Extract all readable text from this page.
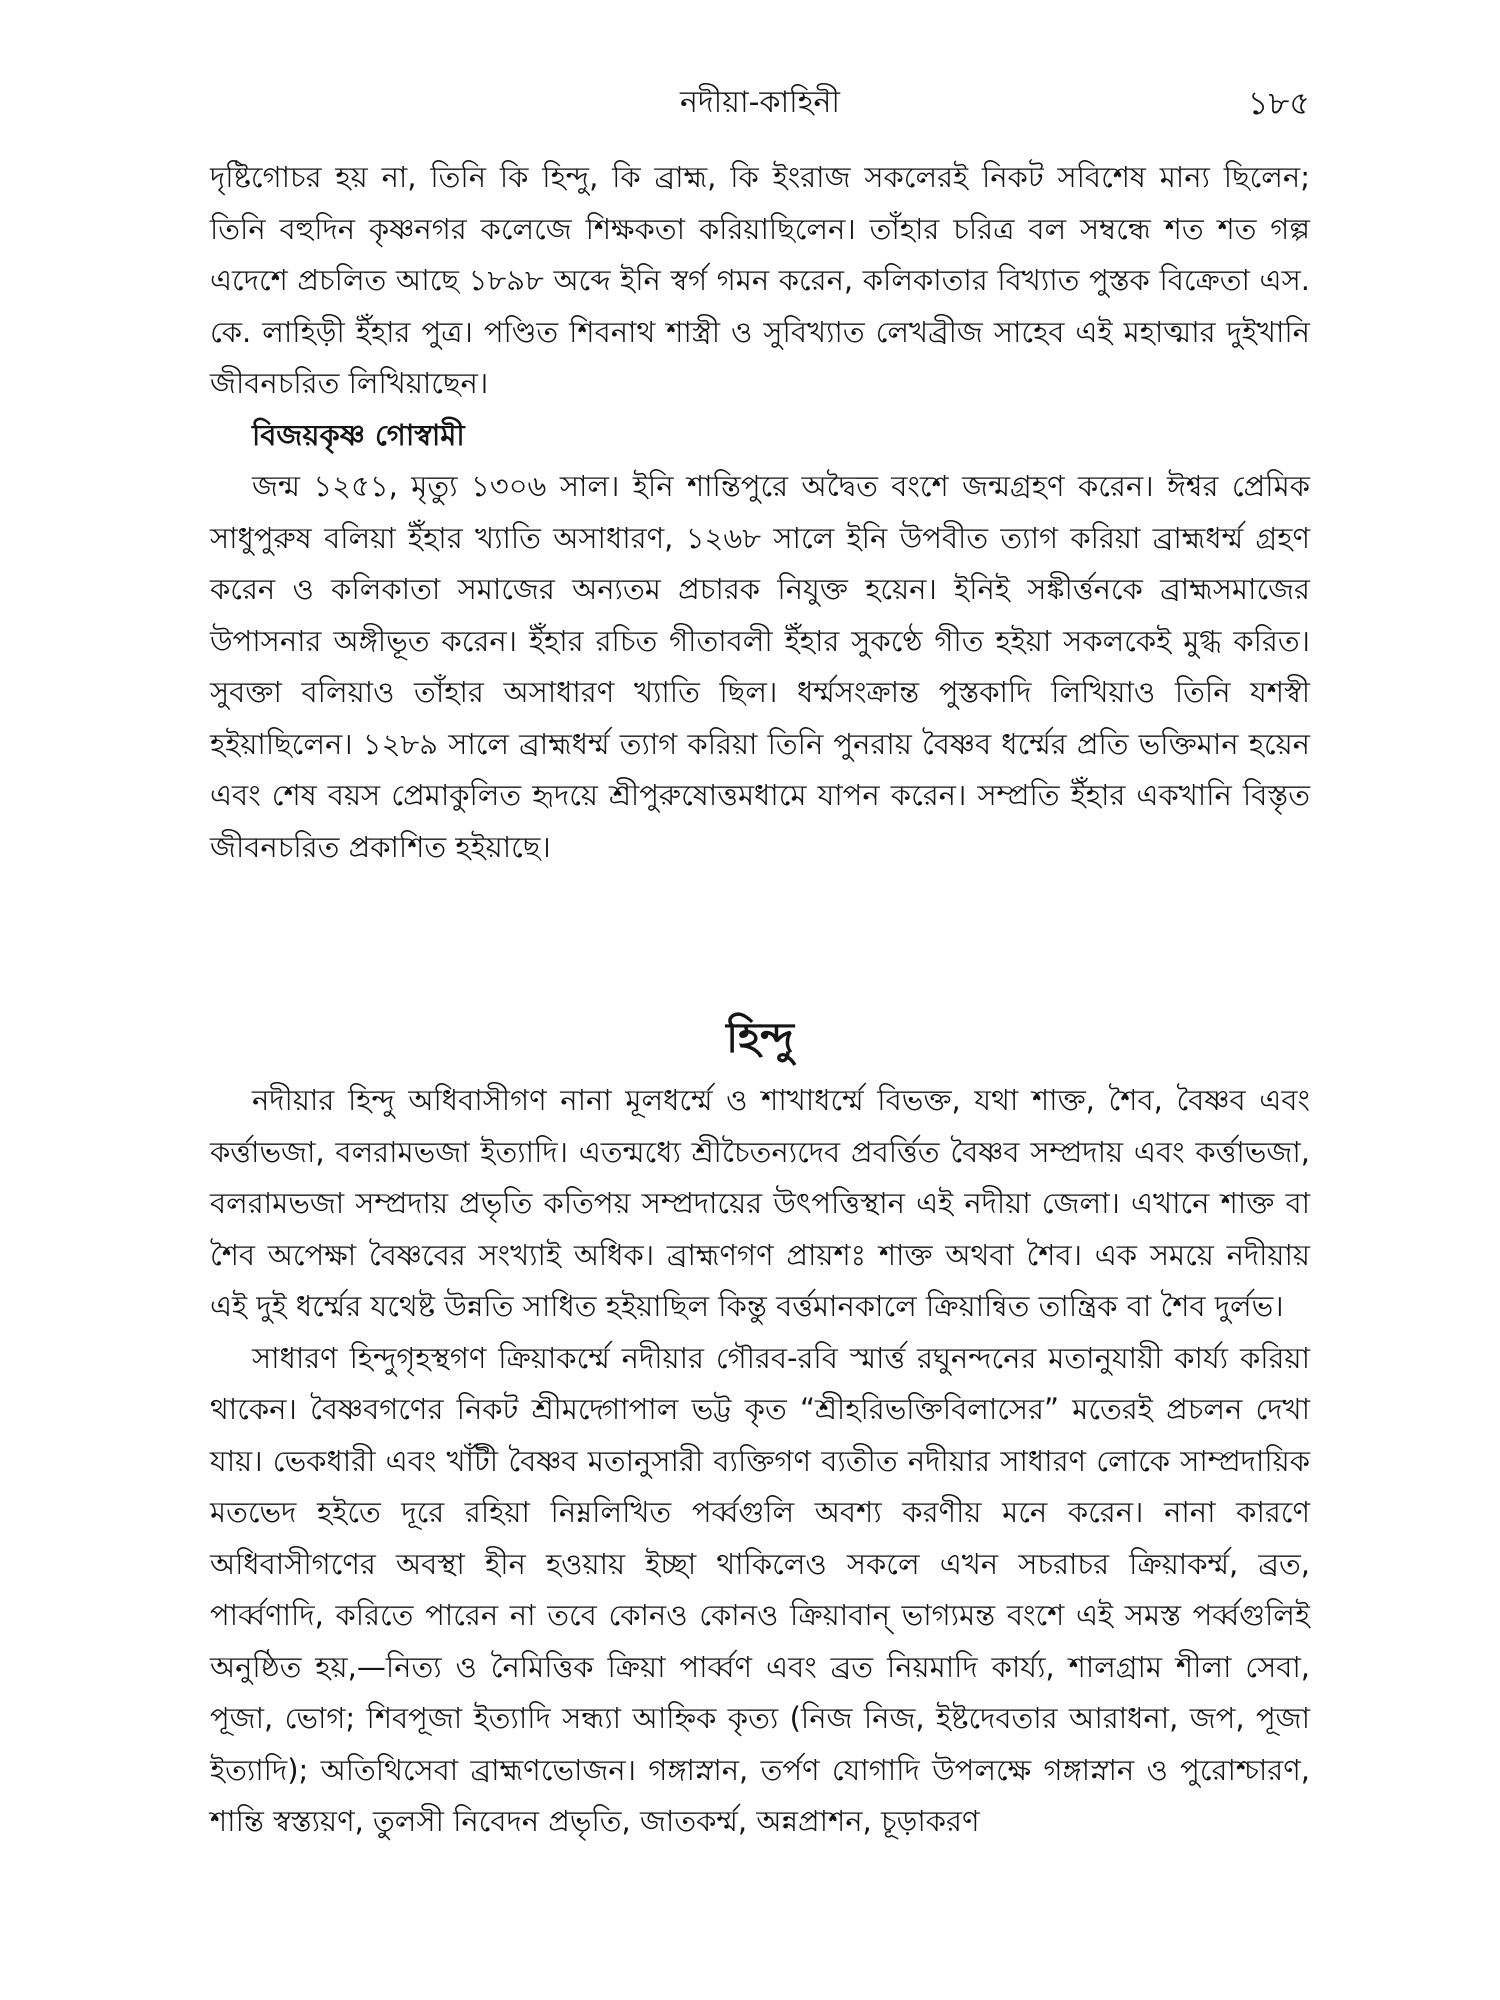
নদীয়া-কাহিনী	১৮৫

দৃষ্টিগোচর হয় না, তিনি কি হিন্দু, কি ব্রাহ্ম, কি ইংরাজ সকলেরই নিকট সবিশেষ মান্য ছিলেন; তিনি বহুদিন কৃষ্ণনগর কলেজে শিক্ষকতা করিয়াছিলেন। তাঁহার চরিত্র বল সম্বন্ধে শত শত গল্প এদেশে প্রচলিত আছে ১৮৯৮ অব্দে ইনি স্বর্গ গমন করেন, কলিকাতার বিখ্যাত পুস্তক বিক্রেতা এস. কে. লাহিড়ী ইঁহার পুত্র। পণ্ডিত শিবনাথ শাস্ত্রী ও সুবিখ্যাত লেখব্রীজ সাহেব এই মহাত্মার দুইখানি জীবনচরিত লিখিয়াছেন।

বিজয়কৃষ্ণ গোস্বামী

জন্ম ১২৫১, মৃত্যু ১৩০৬ সাল। ইনি শান্তিপুরে অদ্বৈত বংশে জন্মগ্রহণ করেন। ঈশ্বর প্রেমিক সাধুপুরুষ বলিয়া ইঁহার খ্যাতি অসাধারণ, ১২৬৮ সালে ইনি উপবীত ত্যাগ করিয়া ব্রাহ্মধর্ম্ম গ্রহণ করেন ও কলিকাতা সমাজের অন্যতম প্রচারক নিযুক্ত হয়েন। ইনিই সঙ্কীর্ত্তনকে ব্রাহ্মসমাজের উপাসনার অঙ্গীভূত করেন। ইঁহার রচিত গীতাবলী ইঁহার সুকণ্ঠে গীত হইয়া সকলকেই মুগ্ধ করিত। সুবক্তা বলিয়াও তাঁহার অসাধারণ খ্যাতি ছিল। ধর্ম্মসংক্রান্ত পুস্তকাদি লিখিয়াও তিনি যশস্বী হইয়াছিলেন। ১২৮৯ সালে ব্রাহ্মধর্ম্ম ত্যাগ করিয়া তিনি পুনরায় বৈষ্ণব ধর্ম্মের প্রতি ভক্তিমান হয়েন এবং শেষ বয়স প্রেমাকুলিত হৃদয়ে শ্রীপুরুষোত্তমধামে যাপন করেন। সম্প্রতি ইঁহার একখানি বিস্তৃত জীবনচরিত প্রকাশিত হইয়াছে।

হিন্দু

নদীয়ার হিন্দু অধিবাসীগণ নানা মূলধর্ম্মে ও শাখাধর্ম্মে বিভক্ত, যথা শাক্ত, শৈব, বৈষ্ণব এবং কর্ত্তাভজা, বলরামভজা ইত্যাদি। এতন্মধ্যে শ্রীচৈতন্যদেব প্রবর্ত্তিত বৈষ্ণব সম্প্রদায় এবং কর্ত্তাভজা, বলরামভজা সম্প্রদায় প্রভৃতি কতিপয় সম্প্রদায়ের উৎপত্তিস্থান এই নদীয়া জেলা। এখানে শাক্ত বা শৈব অপেক্ষা বৈষ্ণবের সংখ্যাই অধিক। ব্রাহ্মণগণ প্রায়শঃ শাক্ত অথবা শৈব। এক সময়ে নদীয়ায় এই দুই ধর্ম্মের যথেষ্ট উন্নতি সাধিত হইয়াছিল কিন্তু বর্ত্তমানকালে ক্রিয়ান্বিত তান্ত্রিক বা শৈব দুর্লভ।

সাধারণ হিন্দুগৃহস্থগণ ক্রিয়াকর্ম্মে নদীয়ার গৌরব-রবি স্মার্ত্ত রঘুনন্দনের মতানুযায়ী কার্য্য করিয়া থাকেন। বৈষ্ণবগণের নিকট শ্রীমদ্গোপাল ভট্ট কৃত “শ্রীহরিভক্তিবিলাসের” মতেরই প্রচলন দেখা যায়। ভেকধারী এবং খাঁটী বৈষ্ণব মতানুসারী ব্যক্তিগণ ব্যতীত নদীয়ার সাধারণ লোকে সাম্প্রদায়িক মতভেদ হইতে দূরে রহিয়া নিম্নলিখিত পর্ব্বগুলি অবশ্য করণীয় মনে করেন। নানা কারণে অধিবাসীগণের অবস্থা হীন হওয়ায় ইচ্ছা থাকিলেও সকলে এখন সচরাচর ক্রিয়াকর্ম্ম, ব্রত, পার্ব্বণাদি, করিতে পারেন না তবে কোনও কোনও ক্রিয়াবান্ ভাগ্যমন্ত বংশে এই সমস্ত পর্ব্বগুলিই অনুষ্ঠিত হয়,—নিত্য ও নৈমিত্তিক ক্রিয়া পার্ব্বণ এবং ব্রত নিয়মাদি কার্য্য, শালগ্রাম শীলা সেবা, পূজা, ভোগ; শিবপূজা ইত্যাদি সন্ধ্যা আহ্নিক কৃত্য (নিজ নিজ, ইষ্টদেবতার আরাধনা, জপ, পূজা ইত্যাদি); অতিথিসেবা ব্রাহ্মণভোজন। গঙ্গাস্নান, তর্পণ যোগাদি উপলক্ষে গঙ্গাস্নান ও পুরোশ্চারণ, শান্তি স্বস্ত্যয়ণ, তুলসী নিবেদন প্রভৃতি, জাতকর্ম্ম, অন্নপ্রাশন, চূড়াকরণ
